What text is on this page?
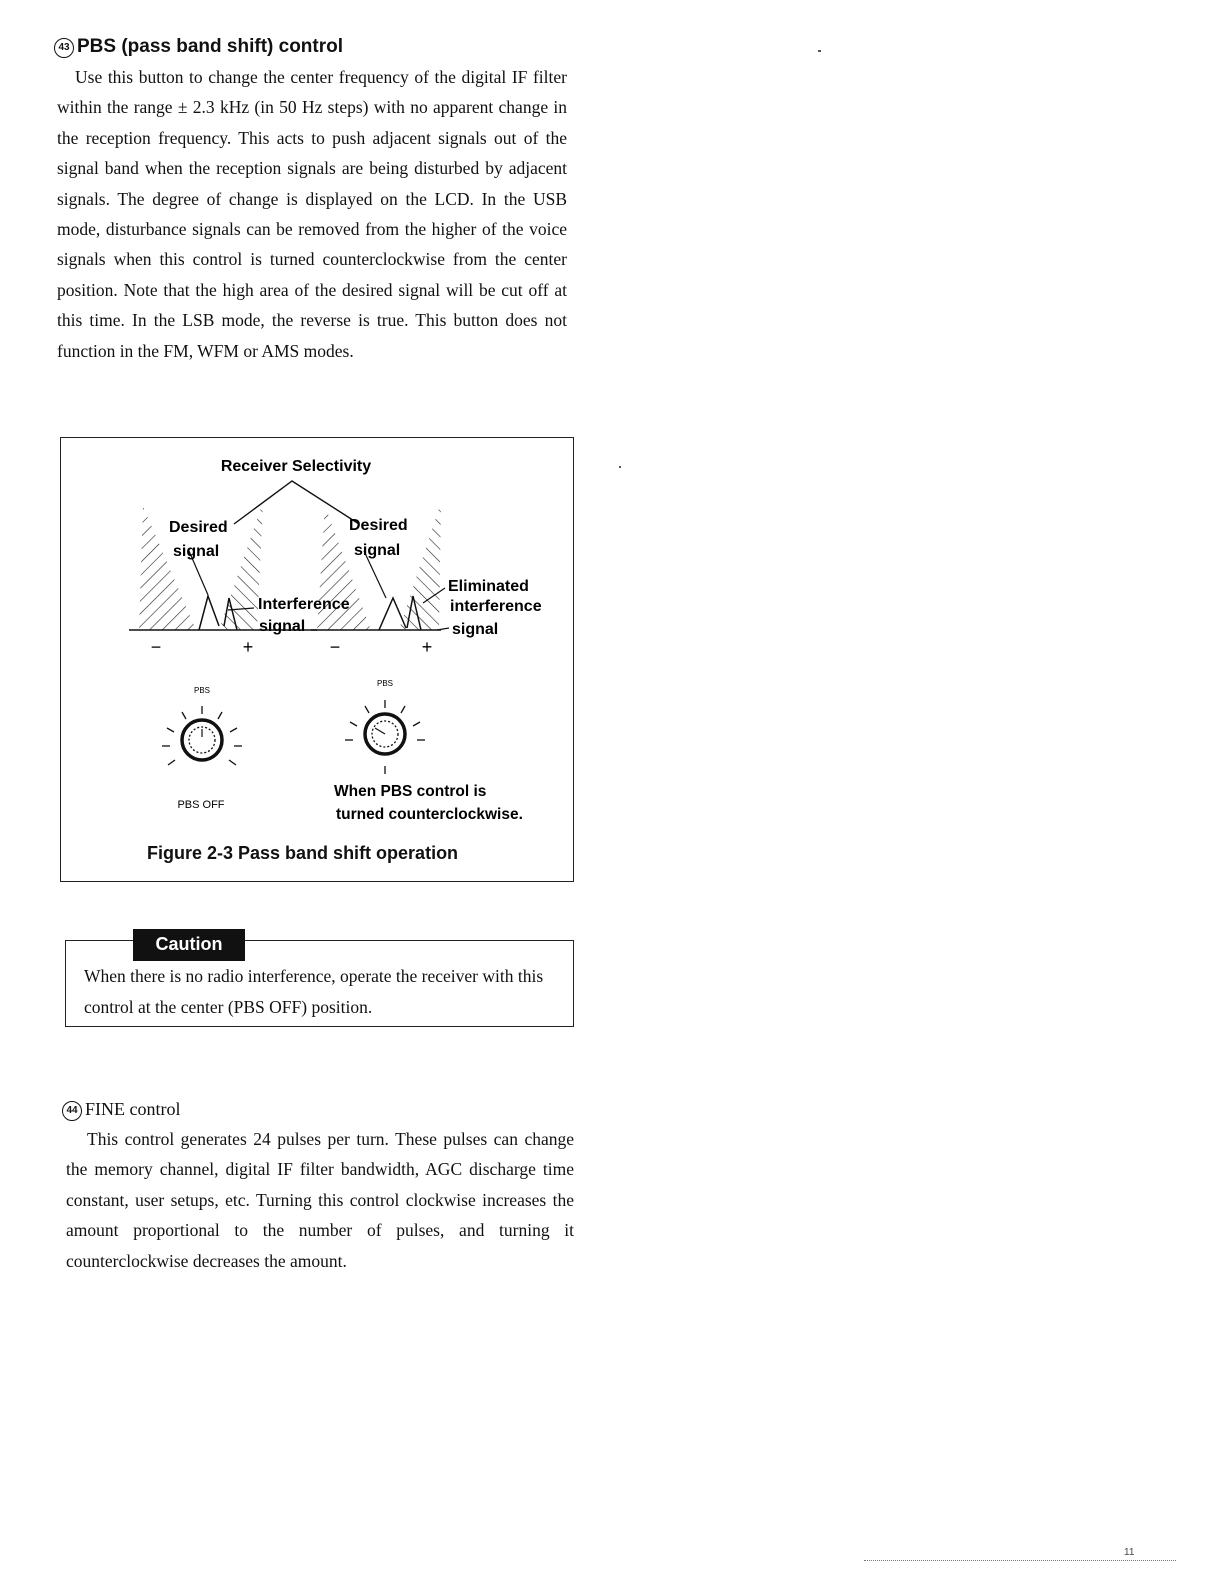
43 PBS (pass band shift) control
Use this button to change the center frequency of the digital IF filter within the range ± 2.3 kHz (in 50 Hz steps) with no apparent change in the reception frequency. This acts to push adjacent signals out of the signal band when the reception signals are being disturbed by adjacent signals. The degree of change is displayed on the LCD. In the USB mode, disturbance signals can be removed from the higher of the voice signals when this control is turned counterclockwise from the center position. Note that the high area of the desired signal will be cut off at this time. In the LSB mode, the reverse is true. This button does not function in the FM, WFM or AMS modes.
Receiver Selectivity
Desired
signal
−	+
Desired
signal
−	+
Interference
signal
Eliminated
interference
signal
PBS
PBS OFF
PBS
When PBS control is
turned counterclockwise.
Figure 2-3 Pass band shift operation
When there is no radio interference, operate the receiver with this control at the center (PBS OFF) position.
Caution
44 FINE control
This control generates 24 pulses per turn. These pulses can change the memory channel, digital IF filter bandwidth, AGC discharge time constant, user setups, etc. Turning this control clockwise increases the amount proportional to the number of pulses, and turning it counterclockwise decreases the amount.
11
